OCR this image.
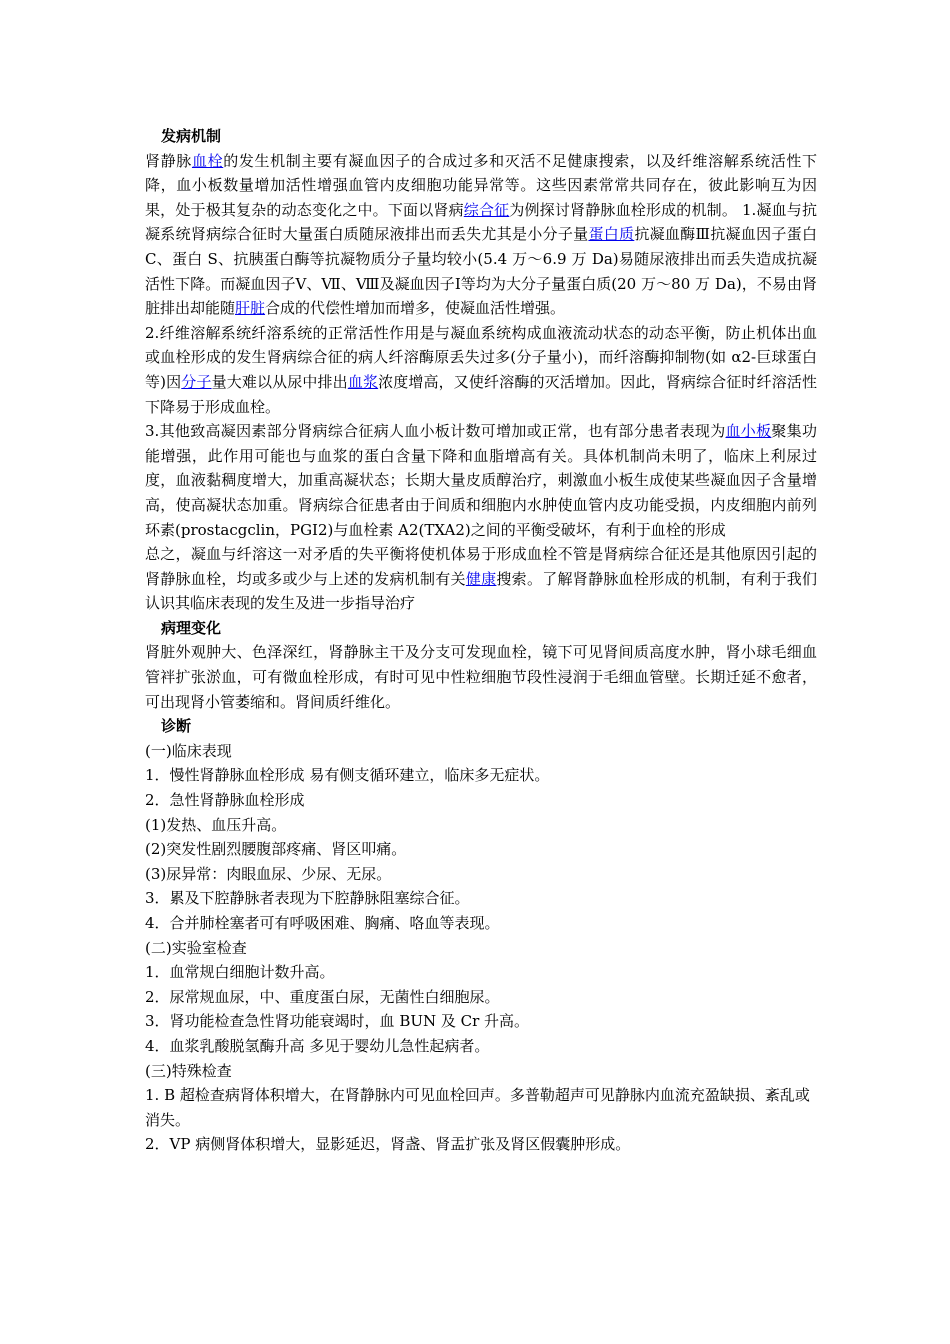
发病机制

肾静脉血栓的发生机制主要有凝血因子的合成过多和灭活不足健康搜索，以及纤维溶解系统活性下降，血小板数量增加活性增强血管内皮细胞功能异常等。这些因素常常共同存在，彼此影响互为因果，处于极其复杂的动态变化之中。下面以肾病综合征为例探讨肾静脉血栓形成的机制。 1.凝血与抗凝系统肾病综合征时大量蛋白质随尿液排出而丢失尤其是小分子量蛋白质抗凝血酶Ⅲ抗凝血因子蛋白 C、蛋白 S、抗胰蛋白酶等抗凝物质分子量均较小(5.4 万～6.9 万 Da)易随尿液排出而丢失造成抗凝活性下降。而凝血因子Ⅴ、Ⅶ、Ⅷ及凝血因子Ⅰ等均为大分子量蛋白质(20 万～80 万 Da)，不易由肾脏排出却能随肝脏合成的代偿性增加而增多，使凝血活性增强。

2.纤维溶解系统纤溶系统的正常活性作用是与凝血系统构成血液流动状态的动态平衡，防止机体出血或血栓形成的发生肾病综合征的病人纤溶酶原丢失过多(分子量小)，而纤溶酶抑制物(如 α2-巨球蛋白等)因分子量大难以从尿中排出血浆浓度增高，又使纤溶酶的灭活增加。因此，肾病综合征时纤溶活性下降易于形成血栓。

3.其他致高凝因素部分肾病综合征病人血小板计数可增加或正常，也有部分患者表现为血小板聚集功能增强，此作用可能也与血浆的蛋白含量下降和血脂增高有关。具体机制尚未明了，临床上利尿过度，血液黏稠度增大，加重高凝状态；长期大量皮质醇治疗，刺激血小板生成使某些凝血因子含量增高，使高凝状态加重。肾病综合征患者由于间质和细胞内水肿使血管内皮功能受损，内皮细胞内前列环素(prostacgclin，PGI2)与血栓素 A2(TXA2)之间的平衡受破坏，有利于血栓的形成

总之，凝血与纤溶这一对矛盾的失平衡将使机体易于形成血栓不管是肾病综合征还是其他原因引起的肾静脉血栓，均或多或少与上述的发病机制有关健康搜索。了解肾静脉血栓形成的机制，有利于我们认识其临床表现的发生及进一步指导治疗

病理变化

肾脏外观肿大、色泽深红，肾静脉主干及分支可发现血栓，镜下可见肾间质高度水肿，肾小球毛细血管袢扩张淤血，可有微血栓形成，有时可见中性粒细胞节段性浸润于毛细血管壁。长期迁延不愈者，可出现肾小管萎缩和。肾间质纤维化。

诊断

(一)临床表现

1．慢性肾静脉血栓形成 易有侧支循环建立，临床多无症状。

2．急性肾静脉血栓形成

(1)发热、血压升高。

(2)突发性剧烈腰腹部疼痛、肾区叩痛。

(3)尿异常：肉眼血尿、少尿、无尿。

3．累及下腔静脉者表现为下腔静脉阻塞综合征。

4．合并肺栓塞者可有呼吸困难、胸痛、咯血等表现。

(二)实验室检查

1．血常规白细胞计数升高。

2．尿常规血尿，中、重度蛋白尿，无菌性白细胞尿。

3．肾功能检查急性肾功能衰竭时，血 BUN 及 Cr 升高。

4．血浆乳酸脱氢酶升高 多见于婴幼儿急性起病者。

(三)特殊检查

1. B 超检查病肾体积增大，在肾静脉内可见血栓回声。多普勒超声可见静脉内血流充盈缺损、紊乱或消失。

2．VP 病侧肾体积增大，显影延迟，肾盏、肾盂扩张及肾区假囊肿形成。
